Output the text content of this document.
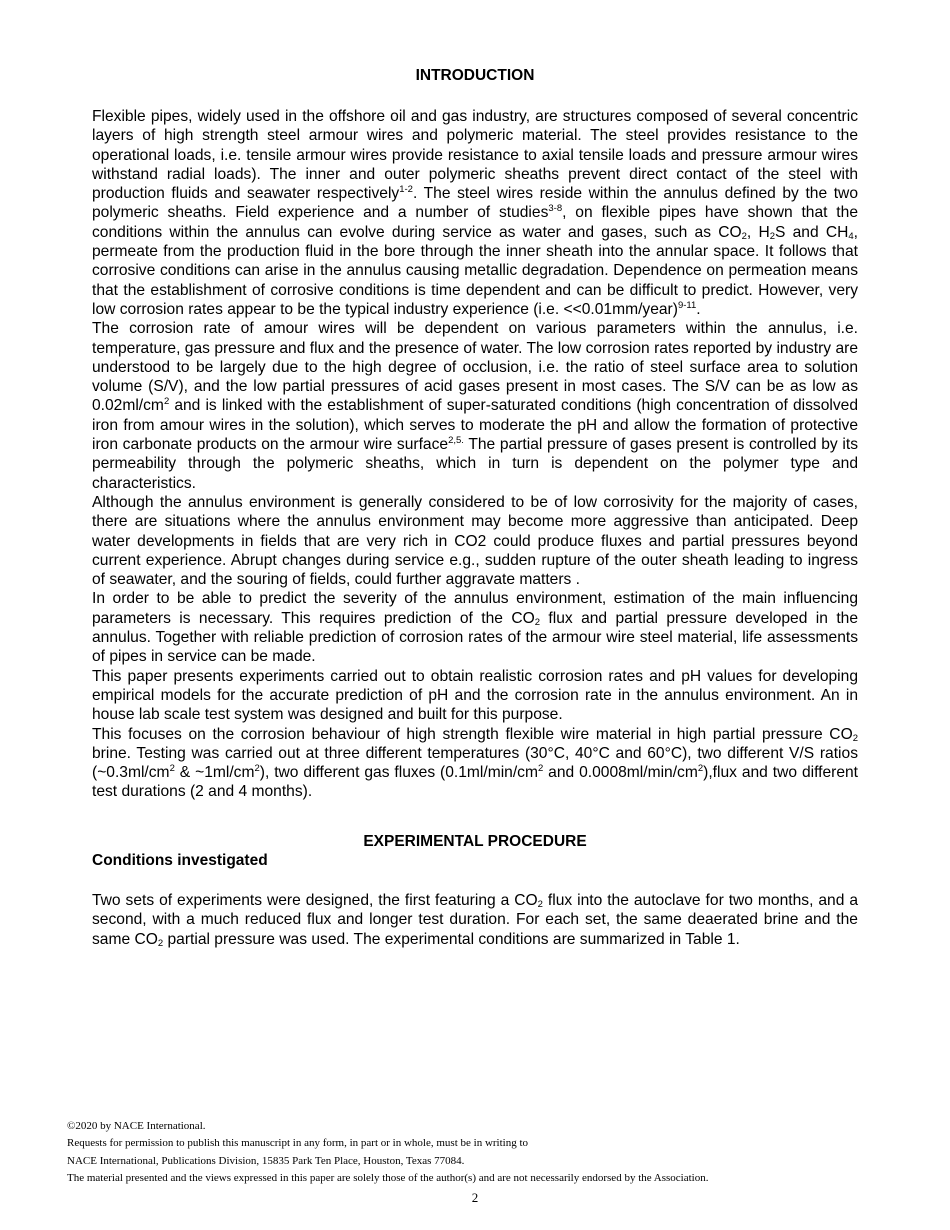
INTRODUCTION

Flexible pipes, widely used in the offshore oil and gas industry, are structures composed of several concentric layers of high strength steel armour wires and polymeric material. The steel provides resistance to the operational loads, i.e. tensile armour wires provide resistance to axial tensile loads and pressure armour wires withstand radial loads). The inner and outer polymeric sheaths prevent direct contact of the steel with production fluids and seawater respectively$^{1-2}$. The steel wires reside within the annulus defined by the two polymeric sheaths. Field experience and a number of studies$^{3-8}$, on flexible pipes have shown that the conditions within the annulus can evolve during service as water and gases, such as $CO_2$, $H_2S$ and $CH_4$, permeate from the production fluid in the bore through the inner sheath into the annular space. It follows that corrosive conditions can arise in the annulus causing metallic degradation. Dependence on permeation means that the establishment of corrosive conditions is time dependent and can be difficult to predict. However, very low corrosion rates appear to be the typical industry experience (i.e. <<0.01mm/year)$^{9-11}$.

The corrosion rate of amour wires will be dependent on various parameters within the annulus, i.e. temperature, gas pressure and flux and the presence of water. The low corrosion rates reported by industry are understood to be largely due to the high degree of occlusion, i.e. the ratio of steel surface area to solution volume (S/V), and the low partial pressures of acid gases present in most cases. The S/V can be as low as $0.02ml/cm^2$ and is linked with the establishment of super-saturated conditions (high concentration of dissolved iron from amour wires in the solution), which serves to moderate the pH and allow the formation of protective iron carbonate products on the armour wire surface$^{2,5.}$ The partial pressure of gases present is controlled by its permeability through the polymeric sheaths, which in turn is dependent on the polymer type and characteristics.

Although the annulus environment is generally considered to be of low corrosivity for the majority of cases, there are situations where the annulus environment may become more aggressive than anticipated. Deep water developments in fields that are very rich in CO2 could produce fluxes and partial pressures beyond current experience. Abrupt changes during service e.g., sudden rupture of the outer sheath leading to ingress of seawater, and the souring of fields, could further aggravate matters .

In order to be able to predict the severity of the annulus environment, estimation of the main influencing parameters is necessary. This requires prediction of the $CO_2$ flux and partial pressure developed in the annulus. Together with reliable prediction of corrosion rates of the armour wire steel material, life assessments of pipes in service can be made.

This paper presents experiments carried out to obtain realistic corrosion rates and pH values for developing empirical models for the accurate prediction of pH and the corrosion rate in the annulus environment. An in house lab scale test system was designed and built for this purpose.

This focuses on the corrosion behaviour of high strength flexible wire material in high partial pressure $CO_2$ brine. Testing was carried out at three different temperatures (30°C, 40°C and 60°C), two different V/S ratios ($\sim 0.3ml/cm^2$ & $\sim 1ml/cm^2$), two different gas fluxes ($0.1ml/\min/cm^2$ and $0.0008ml/\min/cm^2),flux$ and two different test durations (2 and 4 months).

EXPERIMENTAL PROCEDURE
Conditions investigated

Two sets of experiments were designed, the first featuring a $CO_2$ flux into the autoclave for two months, and a second, with a much reduced flux and longer test duration. For each set, the same deaerated brine and the same $CO_2$ partial pressure was used. The experimental conditions are summarized in Table 1.

©2020 by NACE International.
Requests for permission to publish this manuscript in any form, in part or in whole, must be in writing to
NACE International, Publications Division, 15835 Park Ten Place, Houston, Texas 77084.
The material presented and the views expressed in this paper are solely those of the author(s) and are not necessarily endorsed by the Association.
2
